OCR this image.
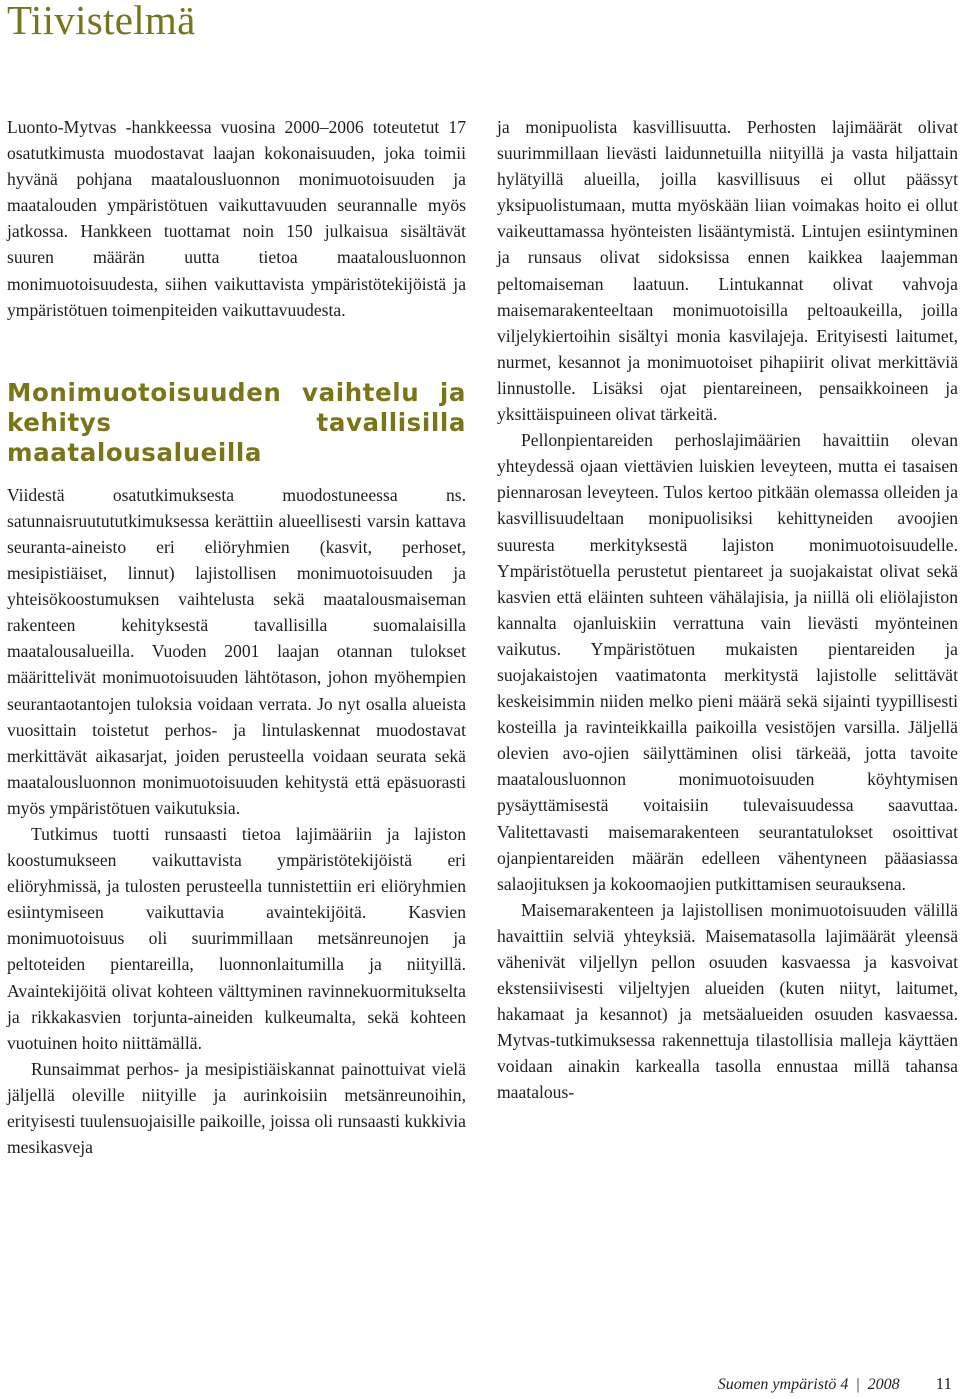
Tiivistelmä

Luonto-Mytvas -hankkeessa vuosina 2000–2006 toteutetut 17 osatutkimusta muodostavat laajan kokonaisuuden, joka toimii hyvänä pohjana maatalousluonnon monimuotoisuuden ja maatalouden ympäristötuen vaikuttavuuden seurannalle myös jatkossa. Hankkeen tuottamat noin 150 julkaisua sisältävät suuren määrän uutta tietoa maatalousluonnon monimuotoisuudesta, siihen vaikuttavista ympäristötekijöistä ja ympäristötuen toimenpiteiden vaikuttavuudesta.

Monimuotoisuuden vaihtelu ja kehitys tavallisilla maatalousalueilla

Viidestä osatutkimuksesta muodostuneessa ns. satunnaisruutututkimuksessa kerättiin alueellisesti varsin kattava seuranta-aineisto eri eliöryhmien (kasvit, perhoset, mesipistiäiset, linnut) lajistollisen monimuotoisuuden ja yhteisökoostumuksen vaihtelusta sekä maatalousmaiseman rakenteen kehityksestä tavallisilla suomalaisilla maatalousalueilla. Vuoden 2001 laajan otannan tulokset määrittelivät monimuotoisuuden lähtötason, johon myöhempien seurantaotantojen tuloksia voidaan verrata. Jo nyt osalla alueista vuosittain toistetut perhos- ja lintulaskennat muodostavat merkittävät aikasarjat, joiden perusteella voidaan seurata sekä maatalousluonnon monimuotoisuuden kehitystä että epäsuorasti myös ympäristötuen vaikutuksia.

Tutkimus tuotti runsaasti tietoa lajimääriin ja lajiston koostumukseen vaikuttavista ympäristötekijöistä eri eliöryhmissä, ja tulosten perusteella tunnistettiin eri eliöryhmien esiintymiseen vaikuttavia avaintekijöitä. Kasvien monimuotoisuus oli suurimmillaan metsänreunojen ja peltoteiden pientareilla, luonnonlaitumilla ja niityillä. Avaintekijöitä olivat kohteen välttyminen ravinnekuormitukselta ja rikkakasvien torjunta-aineiden kulkeumalta, sekä kohteen vuotuinen hoito niittämällä.

Runsaimmat perhos- ja mesipistiäiskannat painottuivat vielä jäljellä oleville niityille ja aurinkoisiin metsänreunoihin, erityisesti tuulensuojaisille paikoille, joissa oli runsaasti kukkivia mesikasveja

ja monipuolista kasvillisuutta. Perhosten lajimäärät olivat suurimmillaan lievästi laidunnetuilla niityillä ja vasta hiljattain hylätyillä alueilla, joilla kasvillisuus ei ollut päässyt yksipuolistumaan, mutta myöskään liian voimakas hoito ei ollut vaikeuttamassa hyönteisten lisääntymistä. Lintujen esiintyminen ja runsaus olivat sidoksissa ennen kaikkea laajemman peltomaiseman laatuun. Lintukannat olivat vahvoja maisemarakenteeltaan monimuotoisilla peltoaukeilla, joilla viljelykiertoihin sisältyi monia kasvilajeja. Erityisesti laitumet, nurmet, kesannot ja monimuotoiset pihapiirit olivat merkittäviä linnustolle. Lisäksi ojat pientareineen, pensaikkoineen ja yksittäispuineen olivat tärkeitä.

Pellonpientareiden perhoslajimäärien havaittiin olevan yhteydessä ojaan viettävien luiskien leveyteen, mutta ei tasaisen piennarosan leveyteen. Tulos kertoo pitkään olemassa olleiden ja kasvillisuudeltaan monipuolisiksi kehittyneiden avoojien suuresta merkityksestä lajiston monimuotoisuudelle. Ympäristötuella perustetut pientareet ja suojakaistat olivat sekä kasvien että eläinten suhteen vähälajisia, ja niillä oli eliölajiston kannalta ojanluiskiin verrattuna vain lievästi myönteinen vaikutus. Ympäristötuen mukaisten pientareiden ja suojakaistojen vaatimatonta merkitystä lajistolle selittävät keskeisimmin niiden melko pieni määrä sekä sijainti tyypillisesti kosteilla ja ravinteikkailla paikoilla vesistöjen varsilla. Jäljellä olevien avo-ojien säilyttäminen olisi tärkeää, jotta tavoite maatalousluonnon monimuotoisuuden köyhtymisen pysäyttämisestä voitaisiin tulevaisuudessa saavuttaa. Valitettavasti maisemarakenteen seurantatulokset osoittivat ojanpientareiden määrän edelleen vähentyneen pääasiassa salaojituksen ja kokoomaojien putkittamisen seurauksena.

Maisemarakenteen ja lajistollisen monimuotoisuuden välillä havaittiin selviä yhteyksiä. Maisematasolla lajimäärät yleensä vähenivät viljellyn pellon osuuden kasvaessa ja kasvoivat ekstensiivisesti viljeltyjen alueiden (kuten niityt, laitumet, hakamaat ja kesannot) ja metsäalueiden osuuden kasvaessa. Mytvas-tutkimuksessa rakennettuja tilastollisia malleja käyttäen voidaan ainakin karkealla tasolla ennustaa millä tahansa maatalous-

Suomen ympäristö 4 | 2008 11
